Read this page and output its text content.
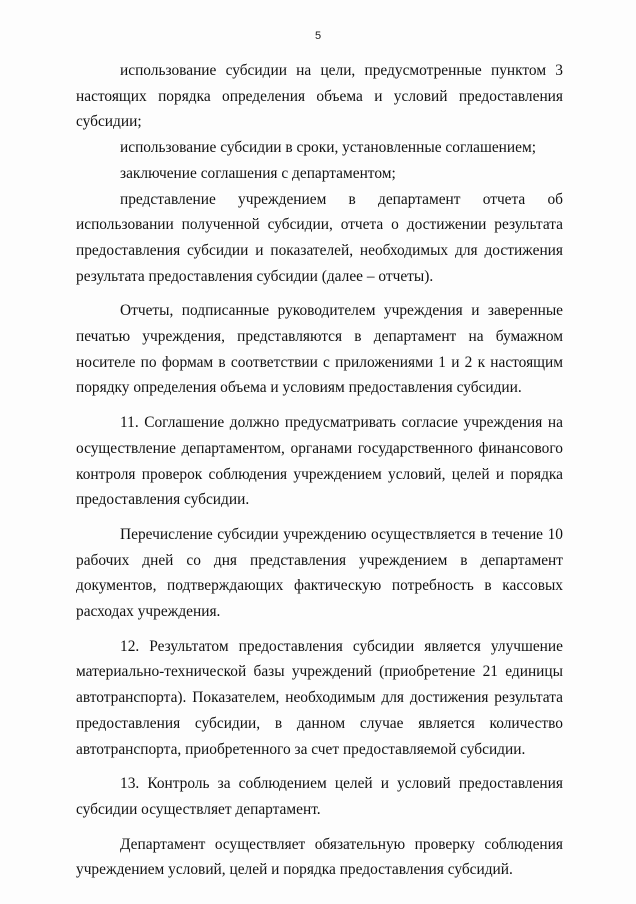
5

использование субсидии на цели, предусмотренные пунктом 3 настоящих порядка определения объема и условий предоставления субсидии;

использование субсидии в сроки, установленные соглашением;

заключение соглашения с департаментом;

представление учреждением в департамент отчета об использовании полученной субсидии, отчета о достижении результата предоставления субсидии и показателей, необходимых для достижения результата предоставления субсидии (далее – отчеты).

Отчеты, подписанные руководителем учреждения и заверенные печатью учреждения, представляются в департамент на бумажном носителе по формам в соответствии с приложениями 1 и 2 к настоящим порядку определения объема и условиям предоставления субсидии.

11. Соглашение должно предусматривать согласие учреждения на осуществление департаментом, органами государственного финансового контроля проверок соблюдения учреждением условий, целей и порядка предоставления субсидии.

Перечисление субсидии учреждению осуществляется в течение 10 рабочих дней со дня представления учреждением в департамент документов, подтверждающих фактическую потребность в кассовых расходах учреждения.

12. Результатом предоставления субсидии является улучшение материально-технической базы учреждений (приобретение 21 единицы автотранспорта). Показателем, необходимым для достижения результата предоставления субсидии, в данном случае является количество автотранспорта, приобретенного за счет предоставляемой субсидии.

13. Контроль за соблюдением целей и условий предоставления субсидии осуществляет департамент.

Департамент осуществляет обязательную проверку соблюдения учреждением условий, целей и порядка предоставления субсидий.
